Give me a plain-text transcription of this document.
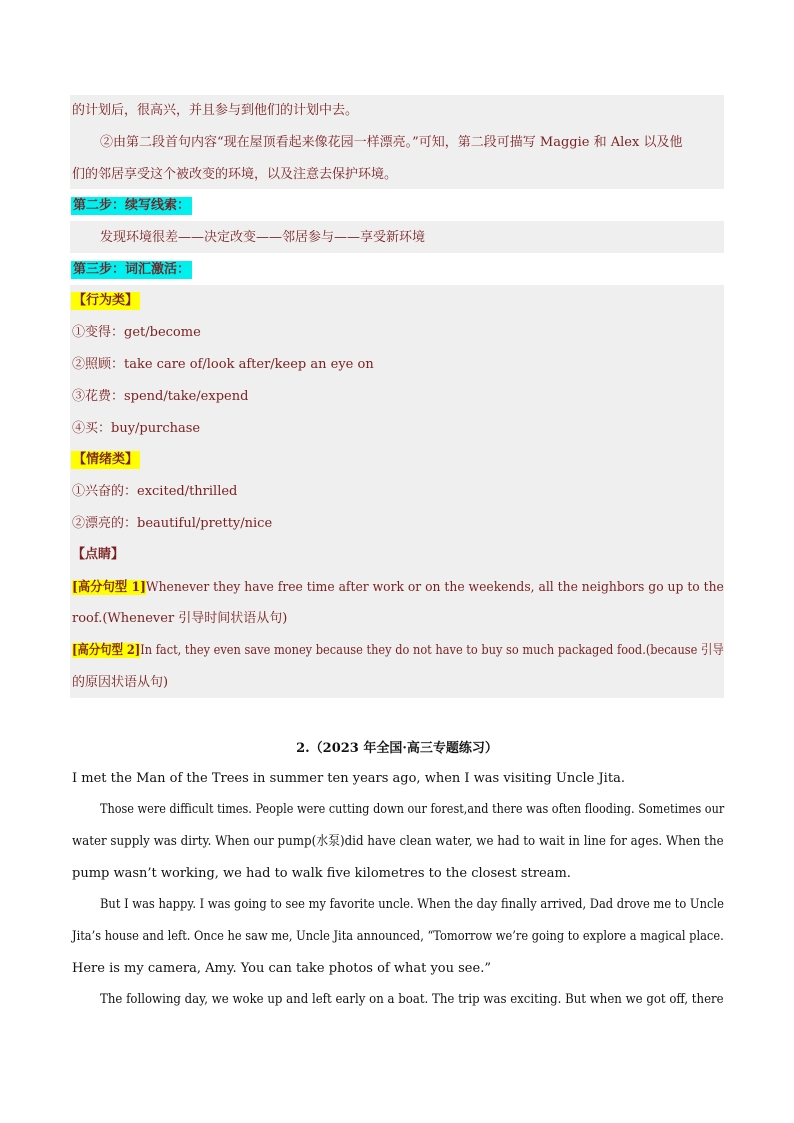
的计划后，很高兴，并且参与到他们的计划中去。
②由第二段首句内容“现在屋顶看起来像花园一样漂亮。”可知，第二段可描写 Maggie 和 Alex 以及他
们的邻居享受这个被改变的环境，以及注意去保护环境。
第二步：续写线索：
发现环境很差——决定改变——邻居参与——享受新环境
第三步：词汇激活：
【行为类】
①变得：get/become
②照顾：take care of/look after/keep an eye on
③花费：spend/take/expend
④买：buy/purchase
【情绪类】
①兴奋的：excited/thrilled
②漂亮的：beautiful/pretty/nice
【点睛】
[高分句型 1]Whenever they have free time after work or on the weekends, all the neighbors go up to the
roof.(Whenever 引导时间状语从句)
[高分句型 2]In fact, they even save money because they do not have to buy so much packaged food.(because 引导
的原因状语从句)
2.（2023 年全国·高三专题练习）
I met the Man of the Trees in summer ten years ago, when I was visiting Uncle Jita.
Those were difficult times. People were cutting down our forest,and there was often flooding. Sometimes our
water supply was dirty. When our pump(水泵)did have clean water, we had to wait in line for ages. When the
pump wasn’t working, we had to walk five kilometres to the closest stream.
But I was happy. I was going to see my favorite uncle. When the day finally arrived, Dad drove me to Uncle
Jita’s house and left. Once he saw me, Uncle Jita announced, “Tomorrow we’re going to explore a magical place.
Here is my camera, Amy. You can take photos of what you see.”
The following day, we woke up and left early on a boat. The trip was exciting. But when we got off, there
